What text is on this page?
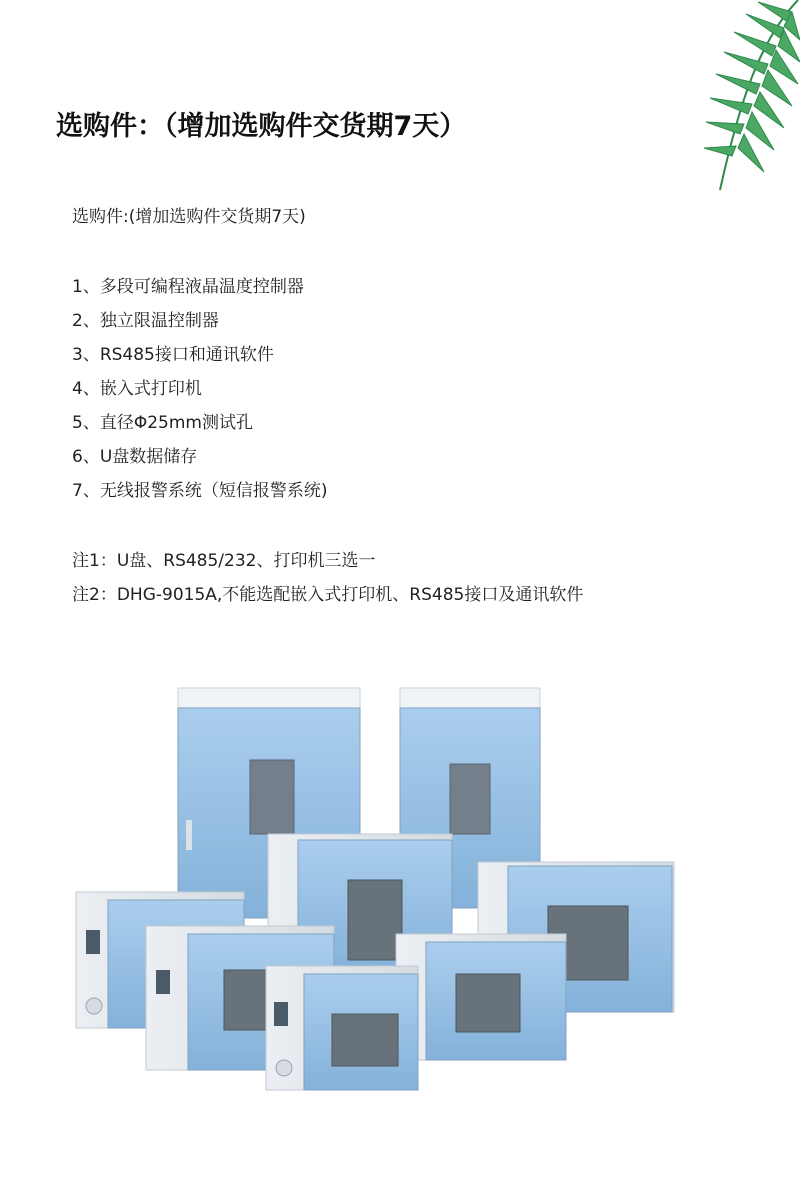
选购件：（增加选购件交货期7天）
选购件:(增加选购件交货期7天)
1、多段可编程液晶温度控制器
2、独立限温控制器
3、RS485接口和通讯软件
4、嵌入式打印机
5、直径Φ25mm测试孔
6、U盘数据储存
7、无线报警系统（短信报警系统)
注1：U盘、RS485/232、打印机三选一
注2：DHG-9015A,不能选配嵌入式打印机、RS485接口及通讯软件
